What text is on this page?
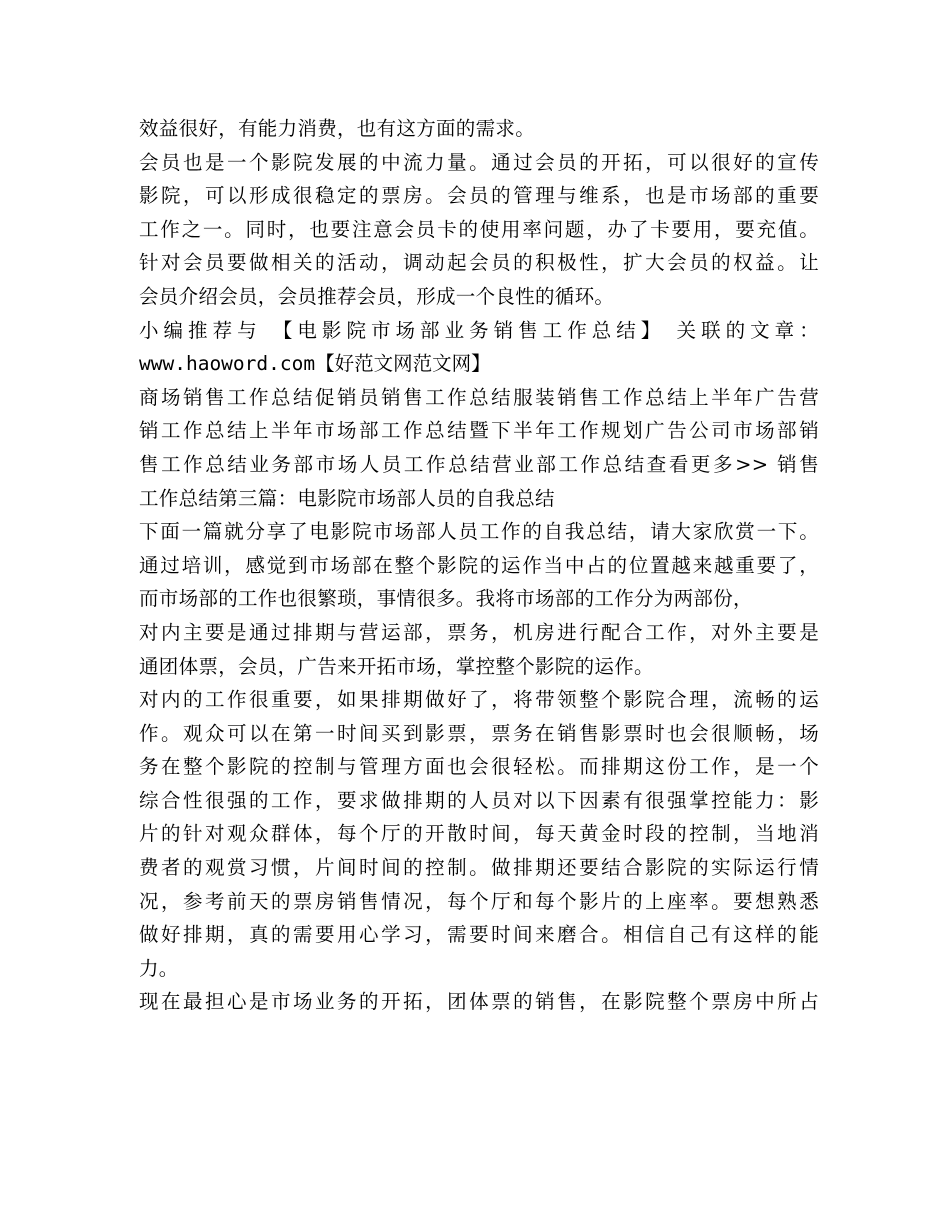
效益很好，有能力消费，也有这方面的需求。
会员也是一个影院发展的中流力量。通过会员的开拓，可以很好的宣传
影院，可以形成很稳定的票房。会员的管理与维系，也是市场部的重要
工作之一。同时，也要注意会员卡的使用率问题，办了卡要用，要充值。
针对会员要做相关的活动，调动起会员的积极性，扩大会员的权益。让
会员介绍会员，会员推荐会员，形成一个良性的循环。
小编推荐与 【电影院市场部业务销售工作总结】 关联的文章：
www.haoword.com【好范文网范文网】
商场销售工作总结促销员销售工作总结服装销售工作总结上半年广告营
销工作总结上半年市场部工作总结暨下半年工作规划广告公司市场部销
售工作总结业务部市场人员工作总结营业部工作总结查看更多>> 销售
工作总结第三篇：电影院市场部人员的自我总结
下面一篇就分享了电影院市场部人员工作的自我总结，请大家欣赏一下。
通过培训，感觉到市场部在整个影院的运作当中占的位置越来越重要了，
而市场部的工作也很繁琐，事情很多。我将市场部的工作分为两部份，
对内主要是通过排期与营运部，票务，机房进行配合工作，对外主要是
通团体票，会员，广告来开拓市场，掌控整个影院的运作。
对内的工作很重要，如果排期做好了，将带领整个影院合理，流畅的运
作。观众可以在第一时间买到影票，票务在销售影票时也会很顺畅，场
务在整个影院的控制与管理方面也会很轻松。而排期这份工作，是一个
综合性很强的工作，要求做排期的人员对以下因素有很强掌控能力：影
片的针对观众群体，每个厅的开散时间，每天黄金时段的控制，当地消
费者的观赏习惯，片间时间的控制。做排期还要结合影院的实际运行情
况，参考前天的票房销售情况，每个厅和每个影片的上座率。要想熟悉
做好排期，真的需要用心学习，需要时间来磨合。相信自己有这样的能
力。
现在最担心是市场业务的开拓，团体票的销售，在影院整个票房中所占
